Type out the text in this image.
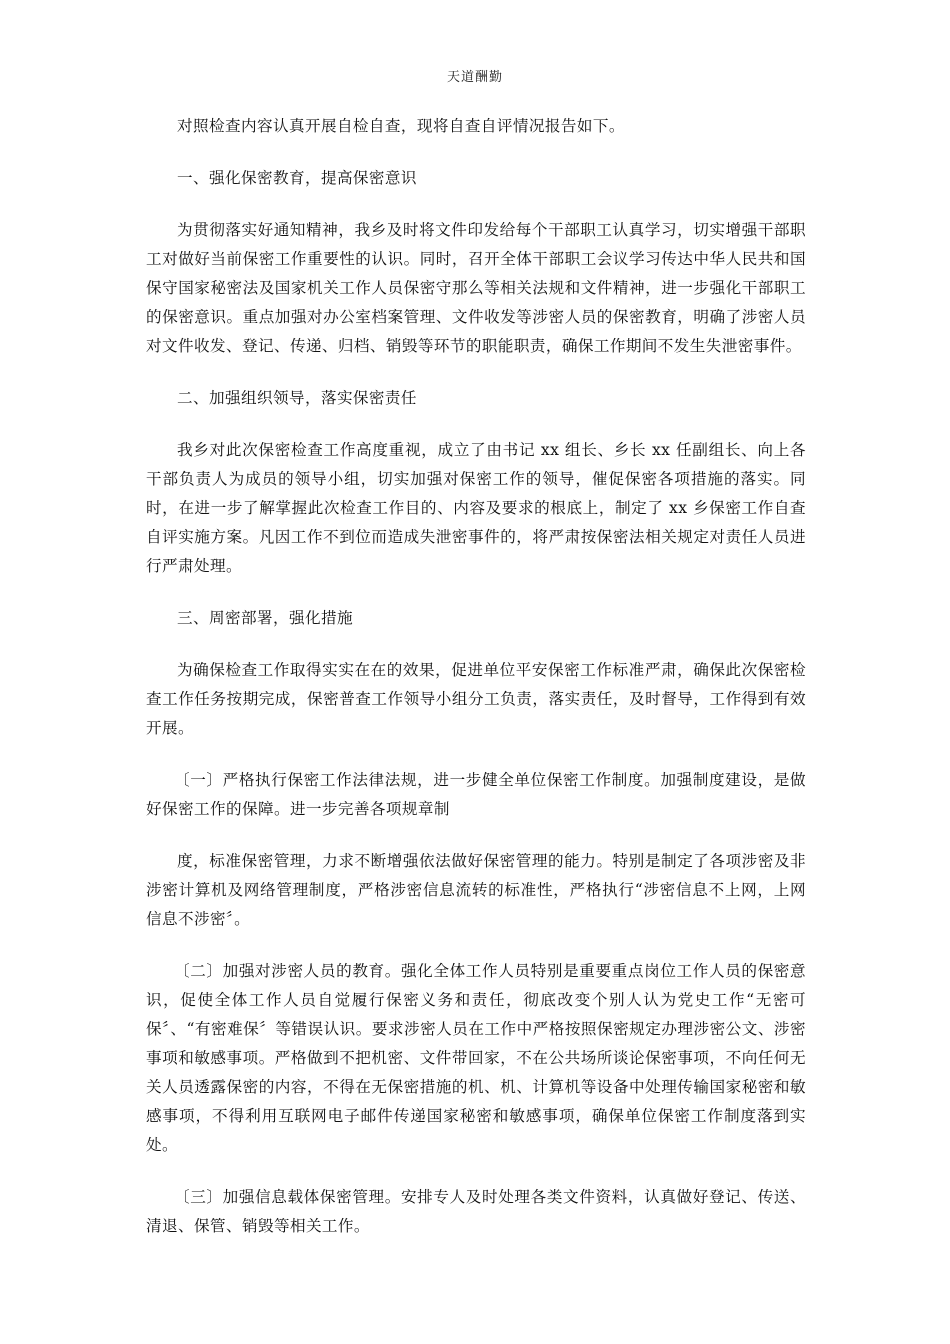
天道酬勤

对照检查内容认真开展自检自查，现将自查自评情况报告如下。

一、强化保密教育，提高保密意识

为贯彻落实好通知精神，我乡及时将文件印发给每个干部职工认真学习，切实增强干部职工对做好当前保密工作重要性的认识。同时，召开全体干部职工会议学习传达中华人民共和国保守国家秘密法及国家机关工作人员保密守那么等相关法规和文件精神，进一步强化干部职工的保密意识。重点加强对办公室档案管理、文件收发等涉密人员的保密教育，明确了涉密人员对文件收发、登记、传递、归档、销毁等环节的职能职责，确保工作期间不发生失泄密事件。

二、加强组织领导，落实保密责任

我乡对此次保密检查工作高度重视，成立了由书记 xx 组长、乡长 xx 任副组长、向上各干部负责人为成员的领导小组，切实加强对保密工作的领导，催促保密各项措施的落实。同时，在进一步了解掌握此次检查工作目的、内容及要求的根底上，制定了 xx 乡保密工作自查自评实施方案。凡因工作不到位而造成失泄密事件的，将严肃按保密法相关规定对责任人员进行严肃处理。

三、周密部署，强化措施

为确保检查工作取得实实在在的效果，促进单位平安保密工作标准严肃，确保此次保密检查工作任务按期完成，保密普查工作领导小组分工负责，落实责任，及时督导，工作得到有效开展。

〔一〕严格执行保密工作法律法规，进一步健全单位保密工作制度。加强制度建设，是做好保密工作的保障。进一步完善各项规章制

度，标准保密管理，力求不断增强依法做好保密管理的能力。特别是制定了各项涉密及非涉密计算机及网络管理制度，严格涉密信息流转的标准性，严格执行“涉密信息不上网，上网信息不涉密〞。

〔二〕加强对涉密人员的教育。强化全体工作人员特别是重要重点岗位工作人员的保密意识，促使全体工作人员自觉履行保密义务和责任，彻底改变个别人认为党史工作“无密可保〞、“有密难保〞等错误认识。要求涉密人员在工作中严格按照保密规定办理涉密公文、涉密事项和敏感事项。严格做到不把机密、文件带回家，不在公共场所谈论保密事项，不向任何无关人员透露保密的内容，不得在无保密措施的机、机、计算机等设备中处理传输国家秘密和敏感事项，不得利用互联网电子邮件传递国家秘密和敏感事项，确保单位保密工作制度落到实处。

〔三〕加强信息载体保密管理。安排专人及时处理各类文件资料，认真做好登记、传送、清退、保管、销毁等相关工作。
